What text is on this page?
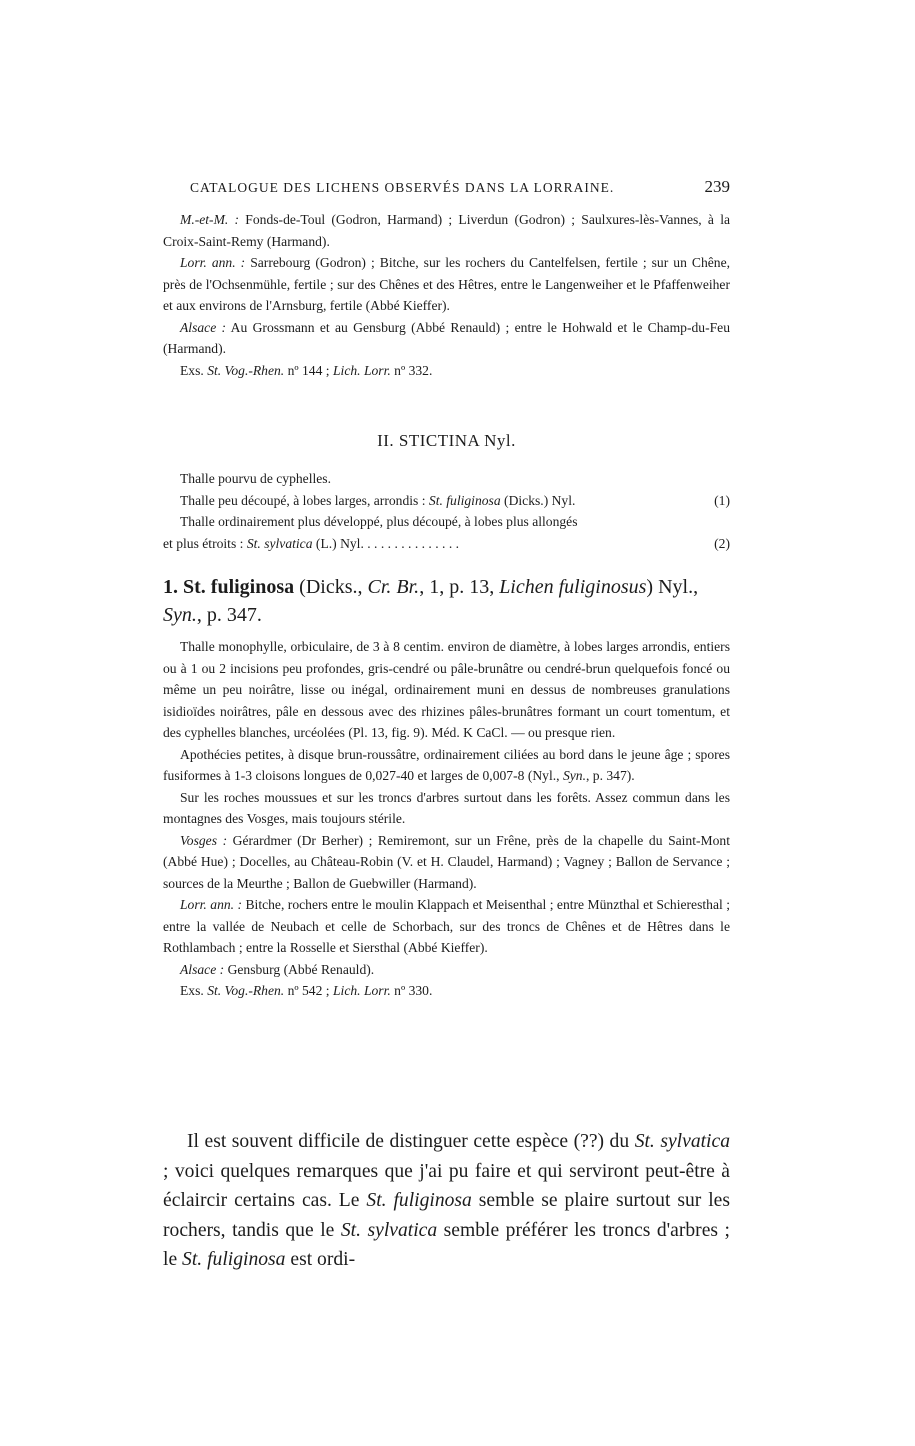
CATALOGUE DES LICHENS OBSERVÉS DANS LA LORRAINE.	239

M.-et-M. : Fonds-de-Toul (Godron, Harmand) ; Liverdun (Godron) ; Saulxures-lès-Vannes, à la Croix-Saint-Remy (Harmand).

Lorr. ann. : Sarrebourg (Godron) ; Bitche, sur les rochers du Cantelfelsen, fertile ; sur un Chêne, près de l'Ochsenmühle, fertile ; sur des Chênes et des Hêtres, entre le Langenweiher et le Pfaffenweiher et aux environs de l'Arnsburg, fertile (Abbé Kieffer).

Alsace : Au Grossmann et au Gensburg (Abbé Renauld) ; entre le Hohwald et le Champ-du-Feu (Harmand).

Exs. St. Vog.-Rhen. nº 144 ; Lich. Lorr. nº 332.

II. STICTINA Nyl.
Thalle pourvu de cyphelles.
Thalle peu découpé, à lobes larges, arrondis : St. fuliginosa (Dicks.) Nyl.	(1)
Thalle ordinairement plus développé, plus découpé, à lobes plus allongés
et plus étroits : St. sylvatica (L.) Nyl. . . . . . . . . . . . . . .	(2)
1. St. fuliginosa (Dicks., Cr. Br., 1, p. 13, Lichen fuliginosus) Nyl., Syn., p. 347.

Thalle monophylle, orbiculaire, de 3 à 8 centim. environ de diamètre, à lobes larges arrondis, entiers ou à 1 ou 2 incisions peu profondes, gris-cendré ou pâle-brunâtre ou cendré-brun quelquefois foncé ou même un peu noirâtre, lisse ou inégal, ordinairement muni en dessus de nombreuses granulations isidioïdes noirâtres, pâle en dessous avec des rhizines pâles-brunâtres formant un court tomentum, et des cyphelles blanches, urcéolées (Pl. 13, fig. 9). Méd. K CaCl. — ou presque rien.

Apothécies petites, à disque brun-roussâtre, ordinairement ciliées au bord dans le jeune âge ; spores fusiformes à 1-3 cloisons longues de 0,027-40 et larges de 0,007-8 (Nyl., Syn., p. 347).

Sur les roches moussues et sur les troncs d'arbres surtout dans les forêts. Assez commun dans les montagnes des Vosges, mais toujours stérile.

Vosges : Gérardmer (Dr Berher) ; Remiremont, sur un Frêne, près de la chapelle du Saint-Mont (Abbé Hue) ; Docelles, au Château-Robin (V. et H. Claudel, Harmand) ; Vagney ; Ballon de Servance ; sources de la Meurthe ; Ballon de Guebwiller (Harmand).

Lorr. ann. : Bitche, rochers entre le moulin Klappach et Meisenthal ; entre Münzthal et Schieresthal ; entre la vallée de Neubach et celle de Schorbach, sur des troncs de Chênes et de Hêtres dans le Rothlambach ; entre la Rosselle et Siersthal (Abbé Kieffer).

Alsace : Gensburg (Abbé Renauld).

Exs. St. Vog.-Rhen. nº 542 ; Lich. Lorr. nº 330.

Il est souvent difficile de distinguer cette espèce (??) du St. sylvatica ; voici quelques remarques que j'ai pu faire et qui serviront peut-être à éclaircir certains cas. Le St. fuliginosa semble se plaire surtout sur les rochers, tandis que le St. sylvatica semble préférer les troncs d'arbres ; le St. fuliginosa est ordi-
